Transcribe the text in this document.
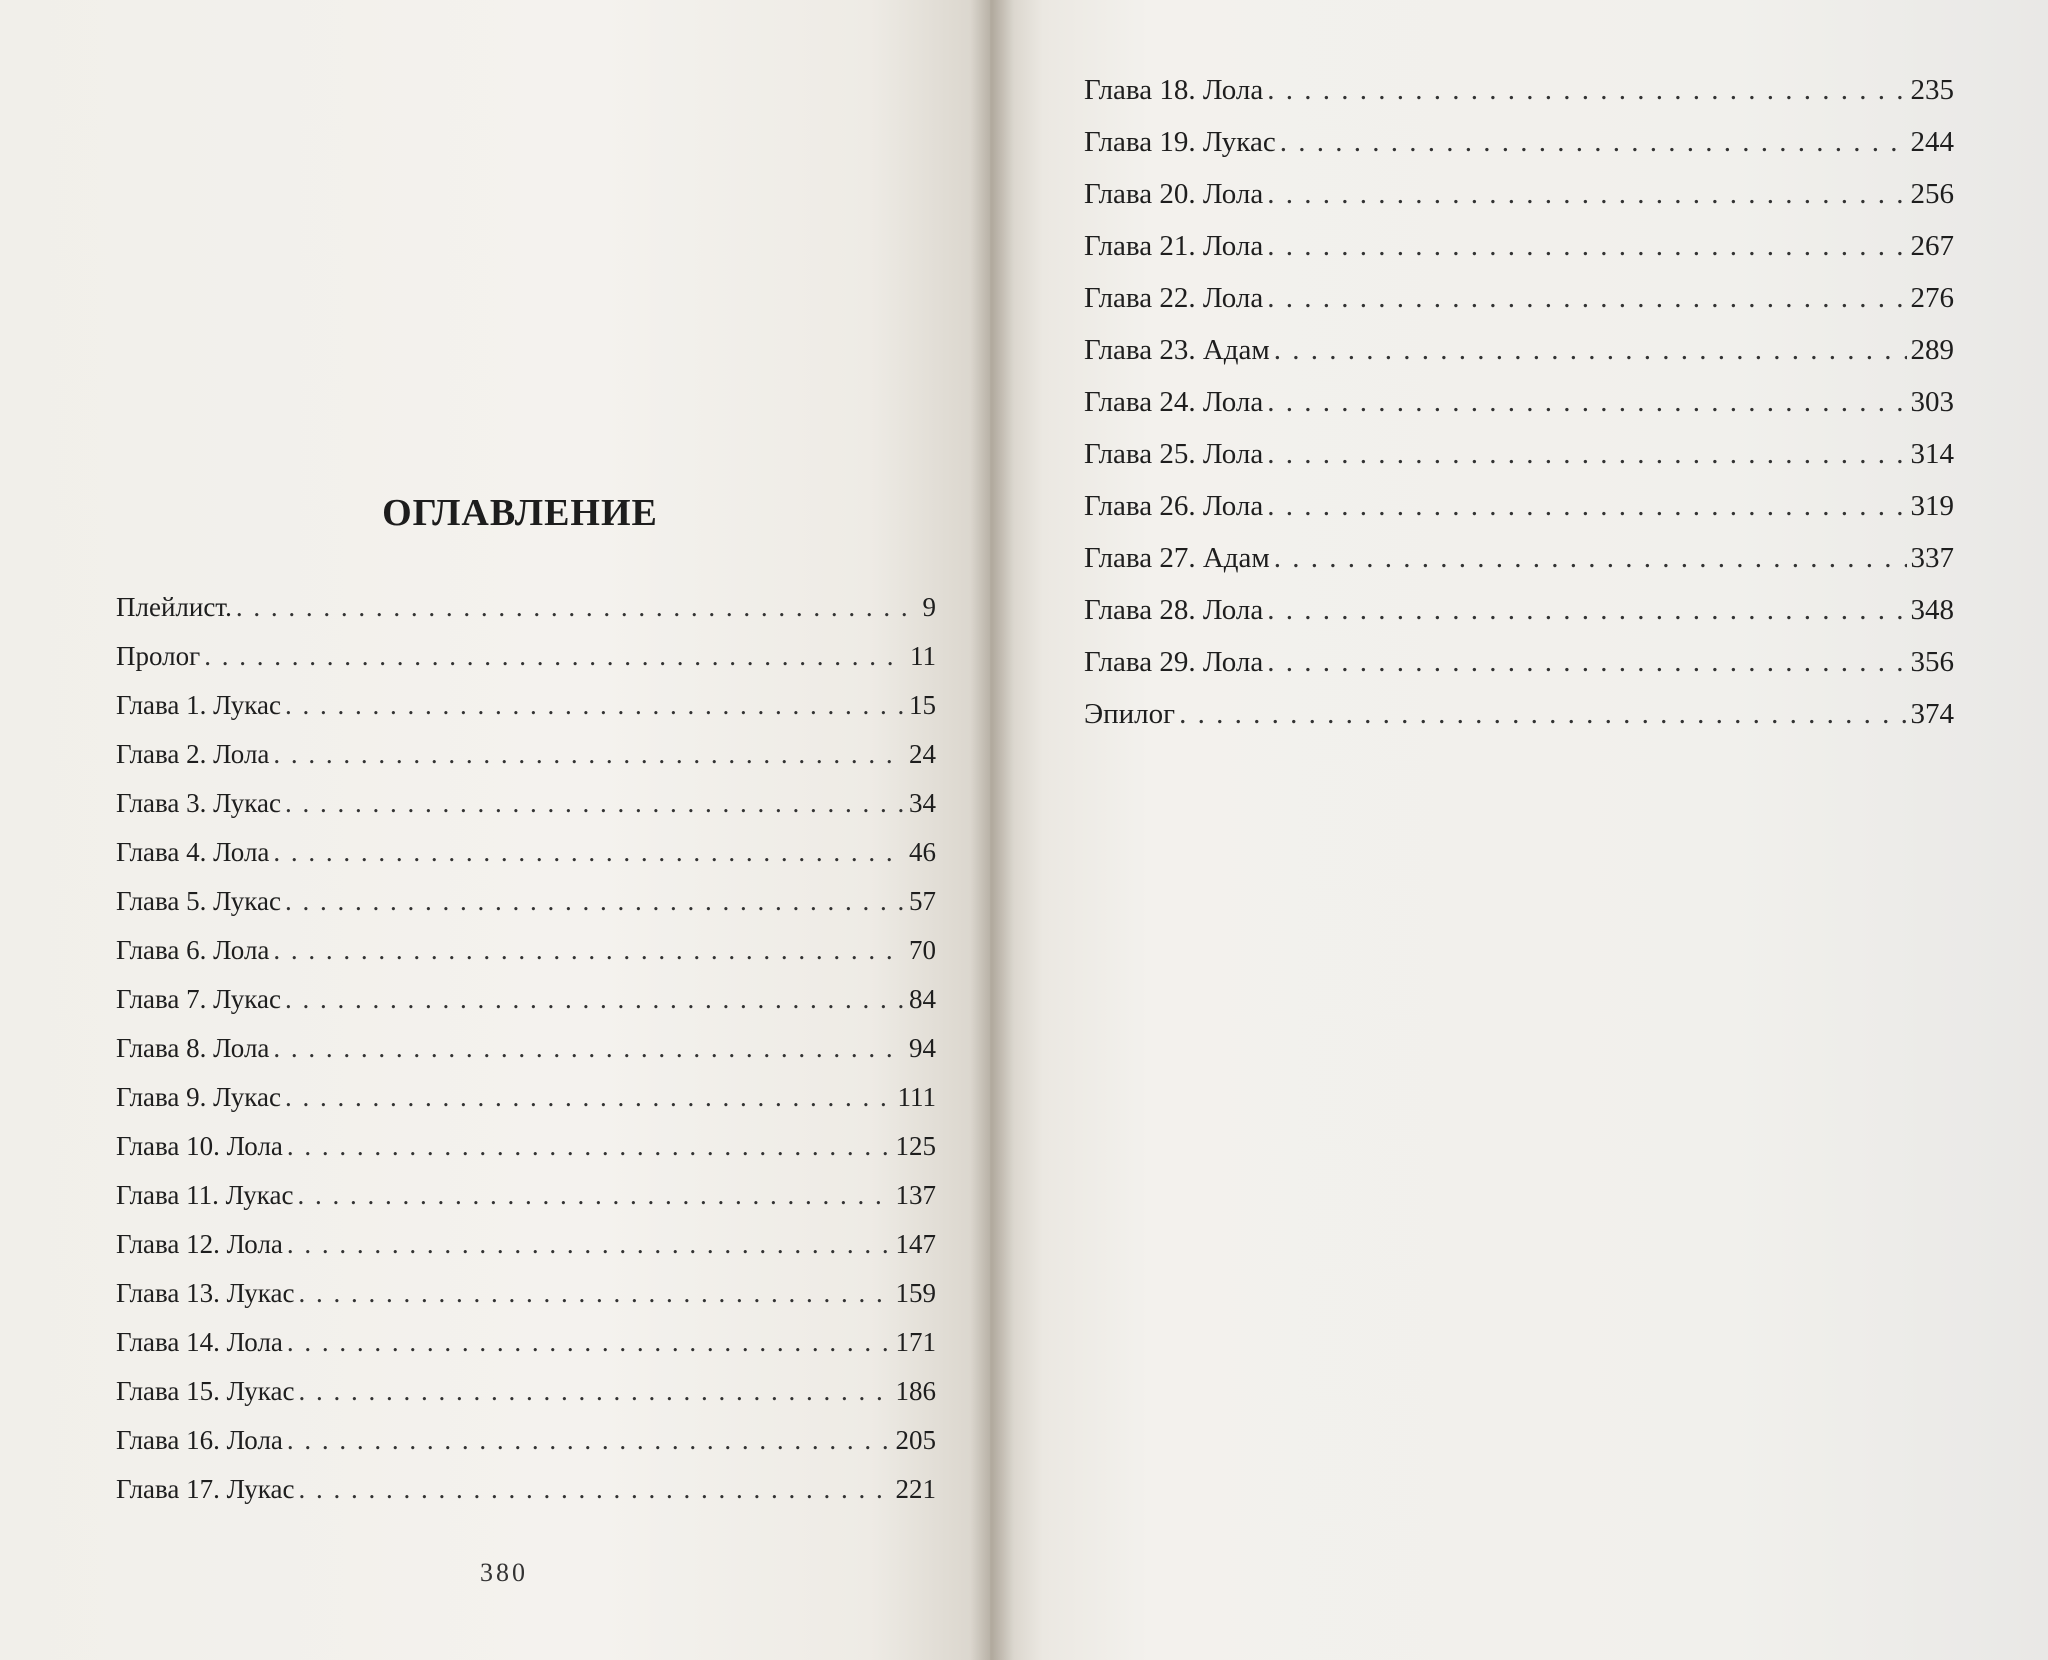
ОГЛАВЛЕНИЕ
Плейлист. . . .	9
Пролог . . .	11
Глава 1. Лукас . . .	15
Глава 2. Лола . . .	24
Глава 3. Лукас . . .	34
Глава 4. Лола . . .	46
Глава 5. Лукас . . .	57
Глава 6. Лола . . .	70
Глава 7. Лукас . . .	84
Глава 8. Лола . . .	94
Глава 9. Лукас . . .	111
Глава 10. Лола . . .	125
Глава 11. Лукас . . .	137
Глава 12. Лола . . .	147
Глава 13. Лукас . . .	159
Глава 14. Лола . . .	171
Глава 15. Лукас . . .	186
Глава 16. Лола . . .	205
Глава 17. Лукас . . .	221
380
Глава 18. Лола . . .	235
Глава 19. Лукас . . .	244
Глава 20. Лола . . .	256
Глава 21. Лола . . .	267
Глава 22. Лола . . .	276
Глава 23. Адам . . .	289
Глава 24. Лола . . .	303
Глава 25. Лола . . .	314
Глава 26. Лола . . .	319
Глава 27. Адам . . .	337
Глава 28. Лола . . .	348
Глава 29. Лола . . .	356
Эпилог . . .	374
